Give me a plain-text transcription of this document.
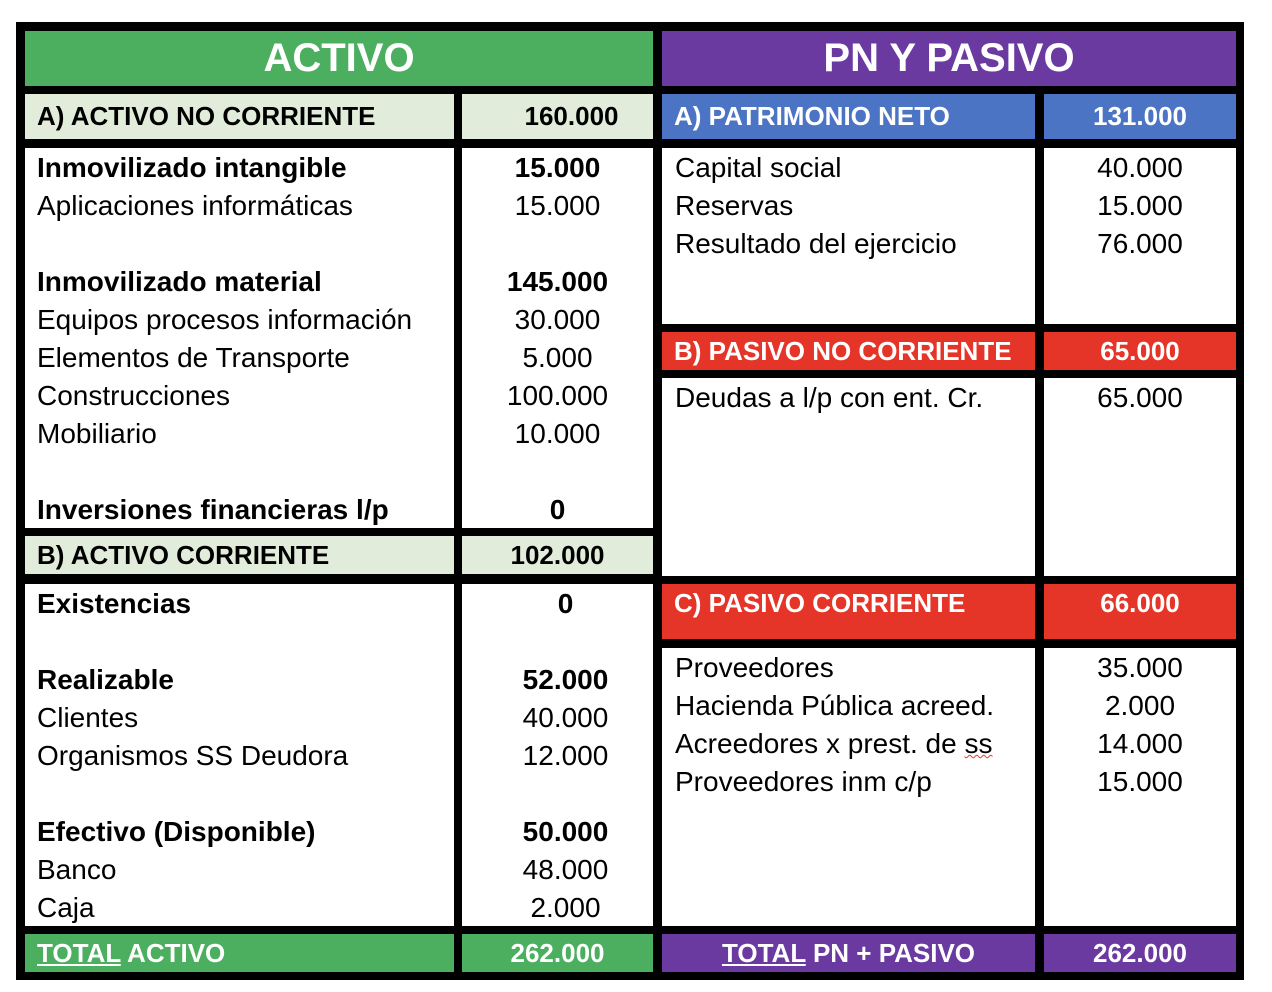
ACTIVO	PN Y PASIVO
A) ACTIVO NO CORRIENTE	160.000	A) PATRIMONIO NETO	131.000
Inmovilizado intangible	15.000
Aplicaciones informáticas	15.000
Inmovilizado material	145.000
Equipos procesos información	30.000
Elementos de Transporte	5.000
Construcciones	100.000
Mobiliario	10.000
Inversiones financieras l/p	0
Capital social	40.000
Reservas	15.000
Resultado del ejercicio	76.000
B) PASIVO NO CORRIENTE	65.000
Deudas a l/p con ent. Cr.	65.000
B) ACTIVO CORRIENTE	102.000
C) PASIVO CORRIENTE	66.000
Existencias	0
Realizable	52.000
Clientes	40.000
Organismos SS Deudora	12.000
Efectivo (Disponible)	50.000
Banco	48.000
Caja	2.000
Proveedores	35.000
Hacienda Pública acreed.	2.000
Acreedores x prest. de ss	14.000
Proveedores inm c/p	15.000
TOTAL ACTIVO	262.000	TOTAL PN + PASIVO	262.000
